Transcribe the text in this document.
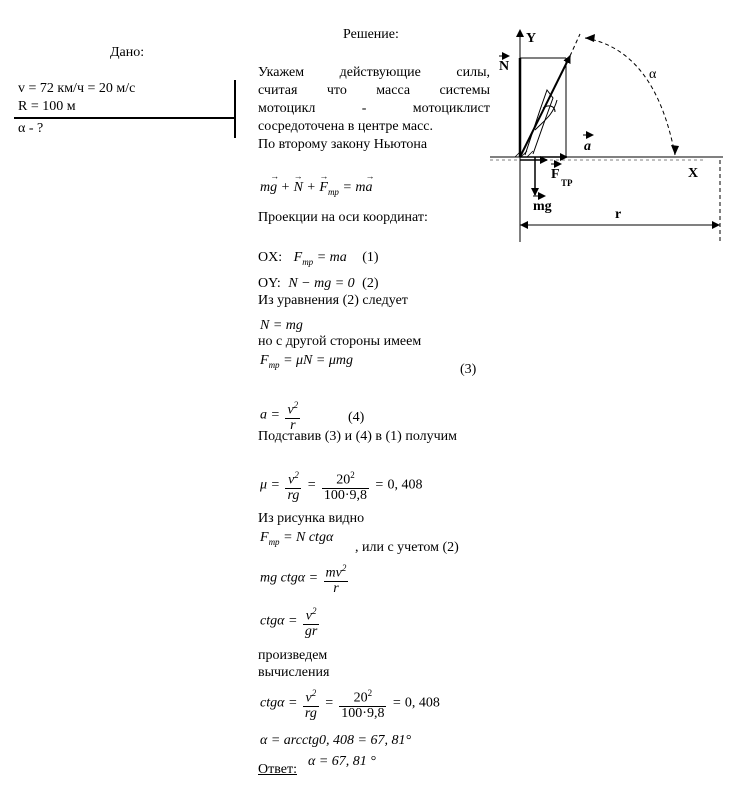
Дано:
v = 72 км/ч = 20 м/с
R = 100 м
α - ?
Решение:
Укажем действующие силы,
считая что масса системы
мотоцикл - мотоциклист
сосредоточена в центре масс.
По второму закону Ньютона
m→ g + → N + → $F_{тр} = m\to a$
Проекции на оси координат:
OX: $F_{тр}$ = ma (1)
OY: N − mg = 0 (2)
Из уравнения (2) следует
N = mg
но с другой стороны имеем
$F_{тр} = \mu N = \mu mg$
(3)
$a = \frac{v^2}{r}$	(4)
Подставив (3) и (4) в (1) получим
$\mu = \frac{v^2}{rg} = \frac{20^2}{100\cdot 9,8} = 0$, 408
Из рисунка видно
$F_{тр} = N$ ctgα
, или с учетом (2)
mg $ctg\alpha = \frac{mv^2}{r}$
$ctg\alpha = \frac{v^2}{gr}$
произведем
вычисления
$ctg\alpha = \frac{v^2}{rg} = \frac{20^2}{100\cdot 9,8} = 0$, 408
α = arcctg0, 408 = 67, 81°
Ответ:
α = 67, 81 °
Y
X
N
a
F
ТР
mg
α
r
